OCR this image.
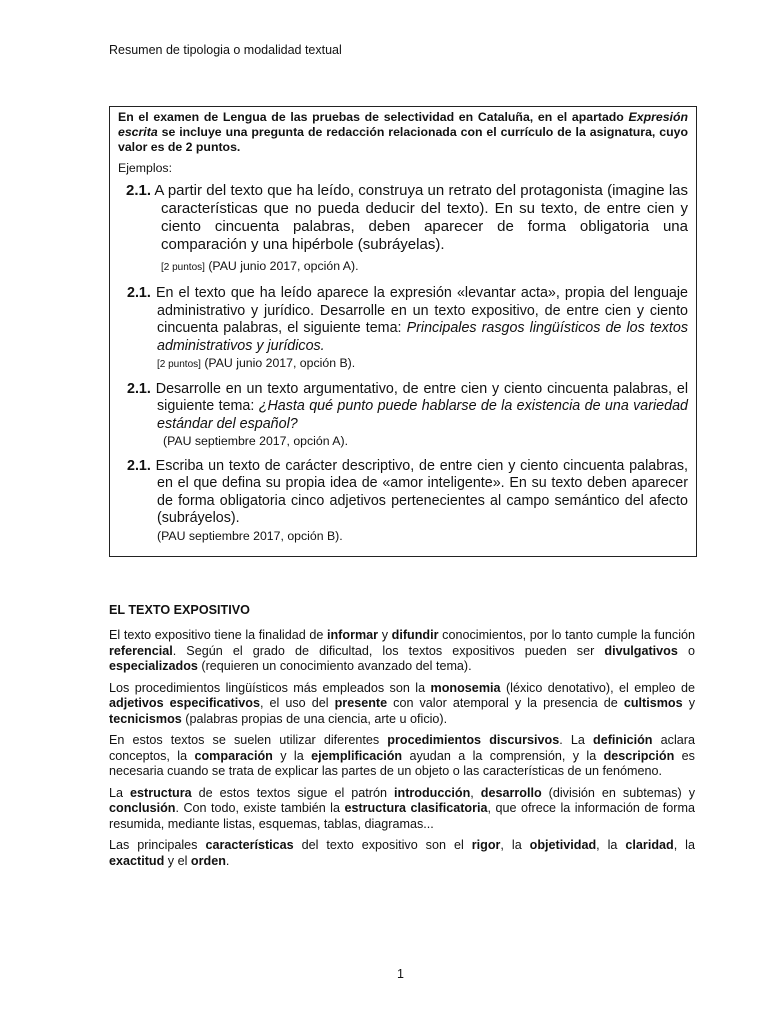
Resumen de tipologia o modalidad textual

En el examen de Lengua de las pruebas de selectividad en Cataluña, en el apartado Expresión escrita se incluye una pregunta de redacción relacionada con el currículo de la asignatura, cuyo valor es de 2 puntos.

Ejemplos:

2.1. A partir del texto que ha leído, construya un retrato del protagonista (imagine las características que no pueda deducir del texto). En su texto, de entre cien y ciento cincuenta palabras, deben aparecer de forma obligatoria una comparación y una hipérbole (subráyelas).
[2 puntos] (PAU junio 2017, opción A).
2.1. En el texto que ha leído aparece la expresión «levantar acta», propia del lenguaje administrativo y jurídico. Desarrolle en un texto expositivo, de entre cien y ciento cincuenta palabras, el siguiente tema: Principales rasgos lingüísticos de los textos administrativos y jurídicos.
[2 puntos] (PAU junio 2017, opción B).
2.1. Desarrolle en un texto argumentativo, de entre cien y ciento cincuenta palabras, el siguiente tema: ¿Hasta qué punto puede hablarse de la existencia de una variedad estándar del español?
(PAU septiembre 2017, opción A).
2.1. Escriba un texto de carácter descriptivo, de entre cien y ciento cincuenta palabras, en el que defina su propia idea de «amor inteligente». En su texto deben aparecer de forma obligatoria cinco adjetivos pertenecientes al campo semántico del afecto (subráyelos).
(PAU septiembre 2017, opción B).
EL TEXTO EXPOSITIVO

El texto expositivo tiene la finalidad de informar y difundir conocimientos, por lo tanto cumple la función referencial. Según el grado de dificultad, los textos expositivos pueden ser divulgativos o especializados (requieren un conocimiento avanzado del tema).

Los procedimientos lingüísticos más empleados son la monosemia (léxico denotativo), el empleo de adjetivos especificativos, el uso del presente con valor atemporal y la presencia de cultismos y tecnicismos (palabras propias de una ciencia, arte u oficio).

En estos textos se suelen utilizar diferentes procedimientos discursivos. La definición aclara conceptos, la comparación y la ejemplificación ayudan a la comprensión, y la descripción es necesaria cuando se trata de explicar las partes de un objeto o las características de un fenómeno.

La estructura de estos textos sigue el patrón introducción, desarrollo (división en subtemas) y conclusión. Con todo, existe también la estructura clasificatoria, que ofrece la información de forma resumida, mediante listas, esquemas, tablas, diagramas...

Las principales características del texto expositivo son el rigor, la objetividad, la claridad, la exactitud y el orden.

1
